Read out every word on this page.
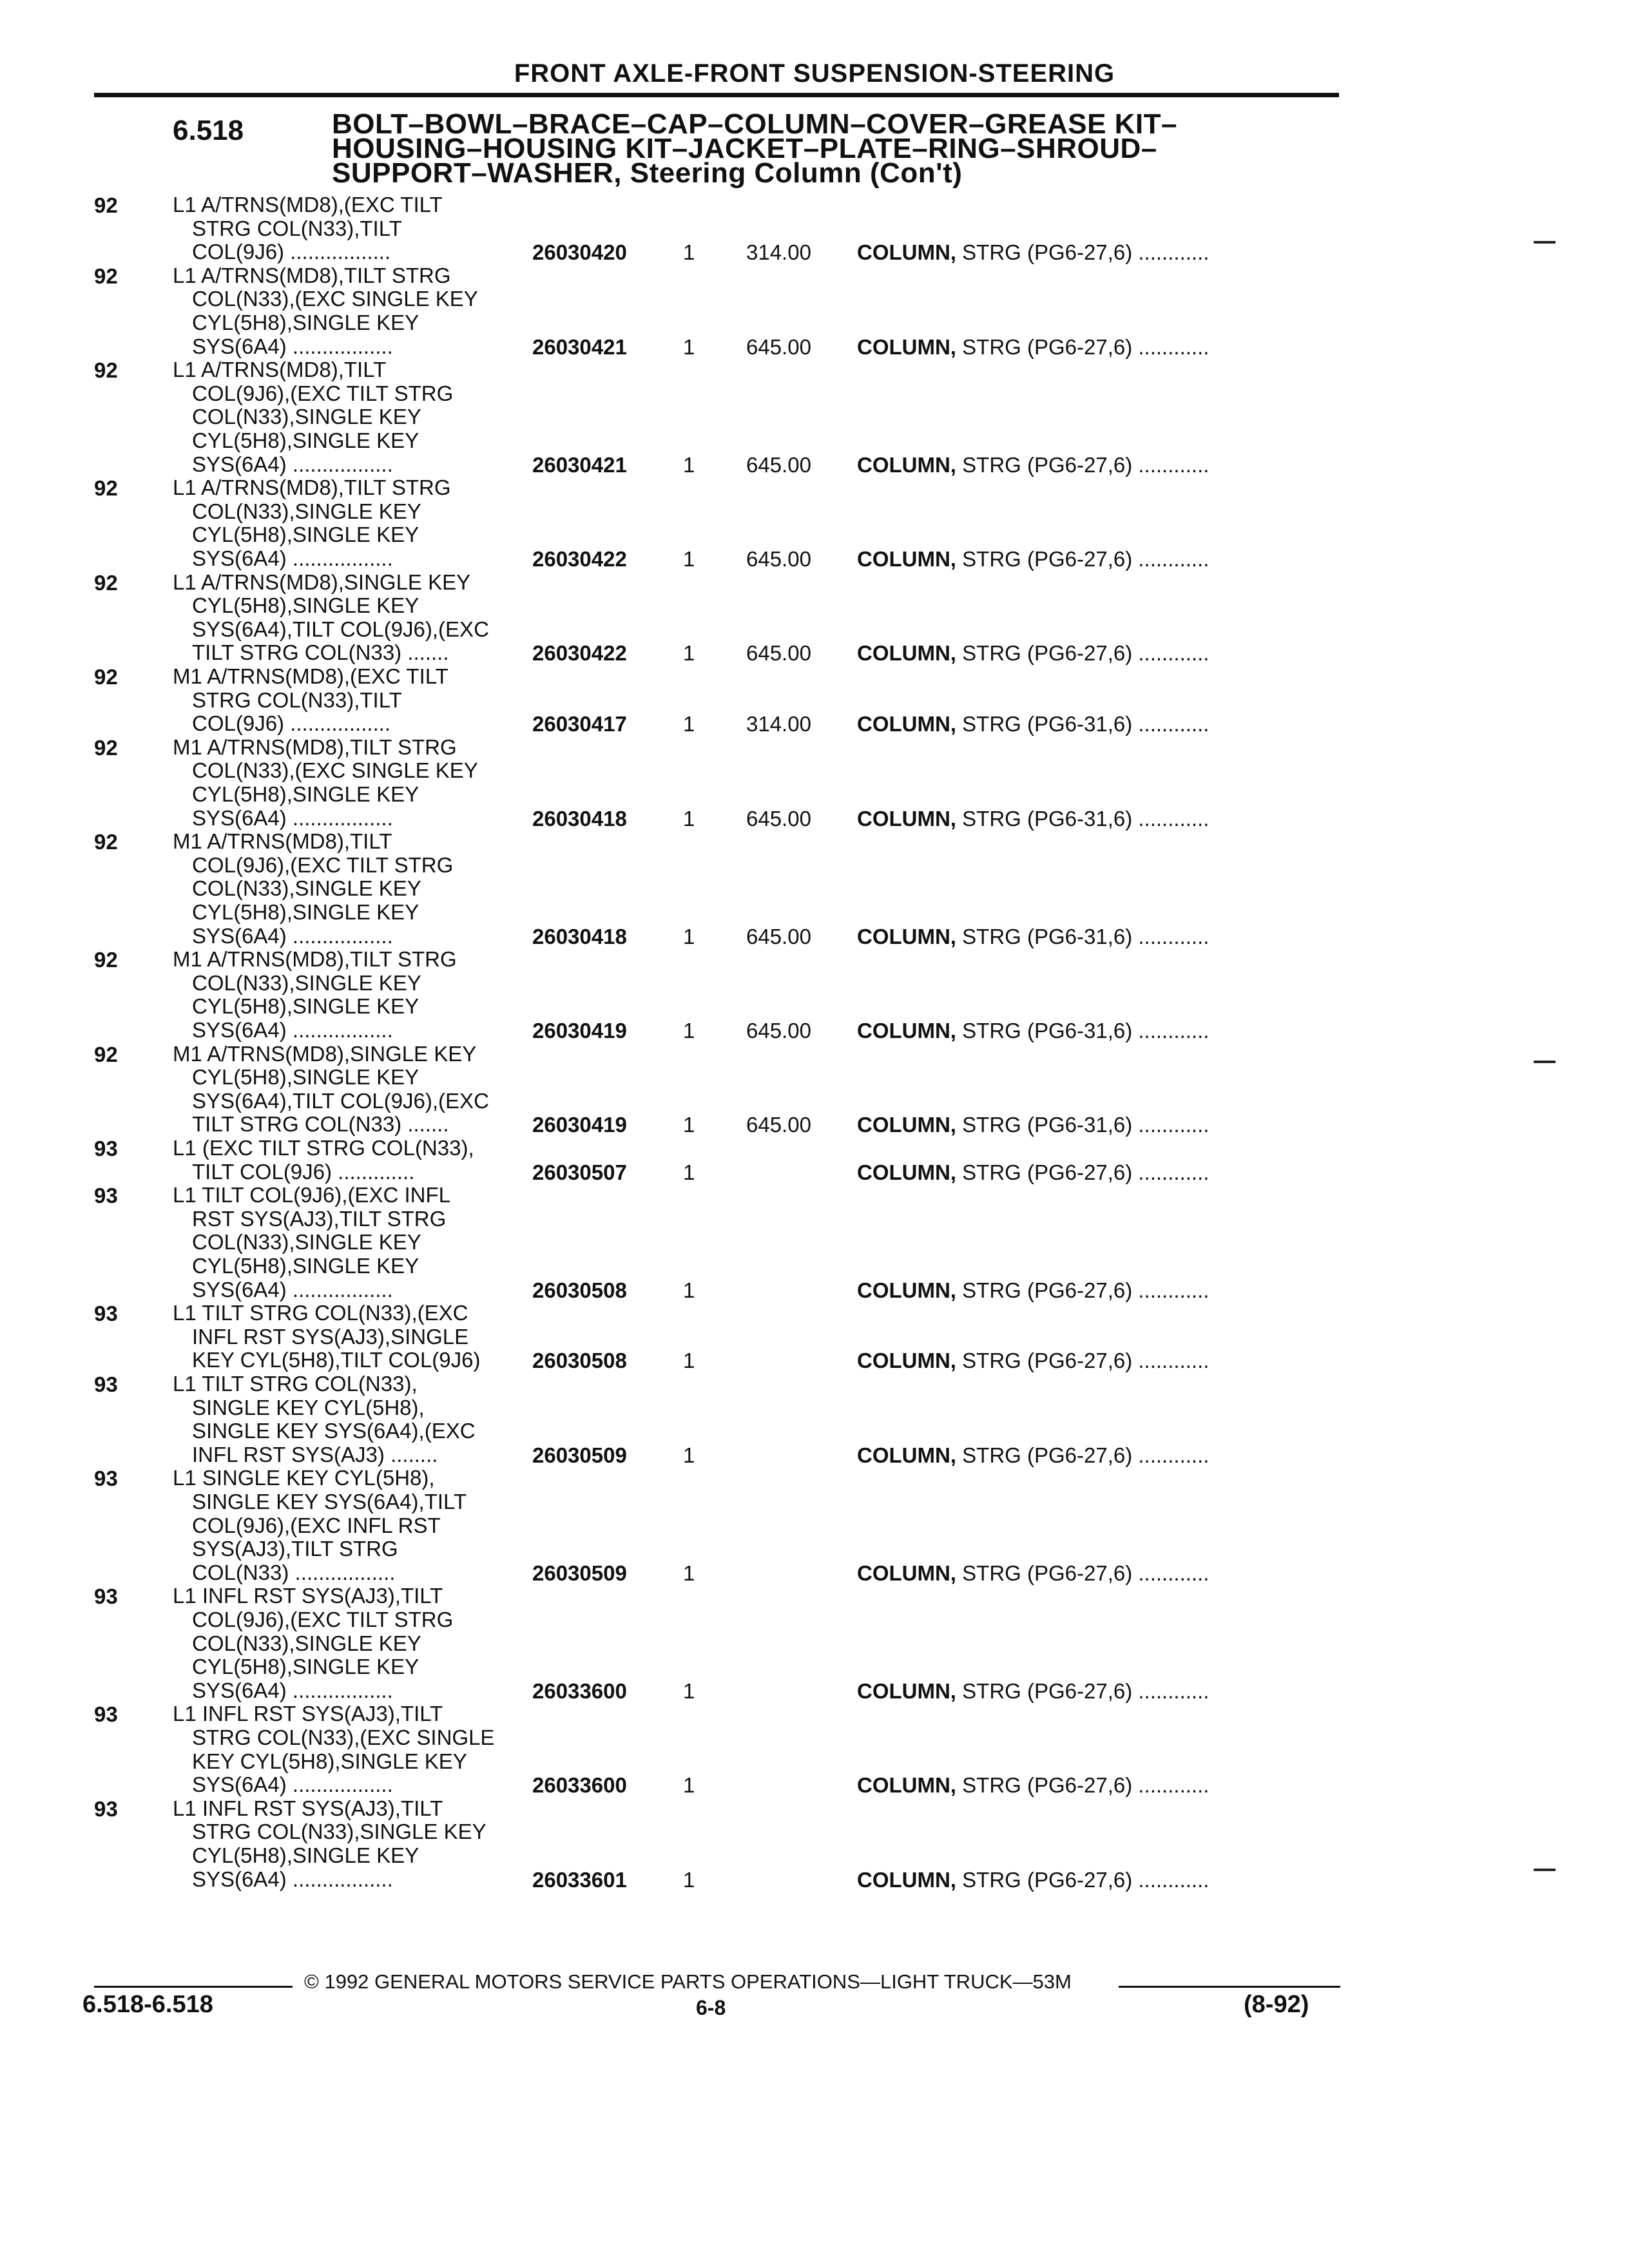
FRONT AXLE-FRONT SUSPENSION-STEERING
6.518	BOLT–BOWL–BRACE–CAP–COLUMN–COVER–GREASE KIT–
HOUSING–HOUSING KIT–JACKET–PLATE–RING–SHROUD–
SUPPORT–WASHER, Steering Column (Con't)
92	L1 A/TRNS(MD8),(EXC TILT
STRG COL(N33),TILT
COL(9J6) .................	26030420	1 314.00 COLUMN, STRG (PG6-27,6) ............
92	L1 A/TRNS(MD8),TILT STRG
COL(N33),(EXC SINGLE KEY
CYL(5H8),SINGLE KEY
SYS(6A4) .................	26030421	1 645.00 COLUMN, STRG (PG6-27,6) ............
92	L1 A/TRNS(MD8),TILT
COL(9J6),(EXC TILT STRG
COL(N33),SINGLE KEY
CYL(5H8),SINGLE KEY
SYS(6A4) .................	26030421	1 645.00 COLUMN, STRG (PG6-27,6) ............
92	L1 A/TRNS(MD8),TILT STRG
COL(N33),SINGLE KEY
CYL(5H8),SINGLE KEY
SYS(6A4) .................	26030422	1 645.00 COLUMN, STRG (PG6-27,6) ............
92	L1 A/TRNS(MD8),SINGLE KEY
CYL(5H8),SINGLE KEY
SYS(6A4),TILT COL(9J6),(EXC
TILT STRG COL(N33) .......	26030422	1 645.00 COLUMN, STRG (PG6-27,6) ............
92	M1 A/TRNS(MD8),(EXC TILT
STRG COL(N33),TILT
COL(9J6) .................	26030417	1 314.00 COLUMN, STRG (PG6-31,6) ............
92	M1 A/TRNS(MD8),TILT STRG
COL(N33),(EXC SINGLE KEY
CYL(5H8),SINGLE KEY
SYS(6A4) .................	26030418	1 645.00 COLUMN, STRG (PG6-31,6) ............
92	M1 A/TRNS(MD8),TILT
COL(9J6),(EXC TILT STRG
COL(N33),SINGLE KEY
CYL(5H8),SINGLE KEY
SYS(6A4) .................	26030418	1 645.00 COLUMN, STRG (PG6-31,6) ............
92	M1 A/TRNS(MD8),TILT STRG
COL(N33),SINGLE KEY
CYL(5H8),SINGLE KEY
SYS(6A4) .................	26030419	1 645.00 COLUMN, STRG (PG6-31,6) ............
92	M1 A/TRNS(MD8),SINGLE KEY
CYL(5H8),SINGLE KEY
SYS(6A4),TILT COL(9J6),(EXC
TILT STRG COL(N33) .......	26030419	1 645.00 COLUMN, STRG (PG6-31,6) ............
93	L1 (EXC TILT STRG COL(N33),
TILT COL(9J6) .............	26030507	1	COLUMN, STRG (PG6-27,6) ............
93	L1 TILT COL(9J6),(EXC INFL
RST SYS(AJ3),TILT STRG
COL(N33),SINGLE KEY
CYL(5H8),SINGLE KEY
SYS(6A4) .................	26030508	1	COLUMN, STRG (PG6-27,6) ............
93	L1 TILT STRG COL(N33),(EXC
INFL RST SYS(AJ3),SINGLE
KEY CYL(5H8),TILT COL(9J6)	26030508	1	COLUMN, STRG (PG6-27,6) ............
93	L1 TILT STRG COL(N33),
SINGLE KEY CYL(5H8),
SINGLE KEY SYS(6A4),(EXC
INFL RST SYS(AJ3) ........	26030509	1	COLUMN, STRG (PG6-27,6) ............
93	L1 SINGLE KEY CYL(5H8),
SINGLE KEY SYS(6A4),TILT
COL(9J6),(EXC INFL RST
SYS(AJ3),TILT STRG
COL(N33) .................	26030509	1	COLUMN, STRG (PG6-27,6) ............
93	L1 INFL RST SYS(AJ3),TILT
COL(9J6),(EXC TILT STRG
COL(N33),SINGLE KEY
CYL(5H8),SINGLE KEY
SYS(6A4) .................	26033600	1	COLUMN, STRG (PG6-27,6) ............
93	L1 INFL RST SYS(AJ3),TILT
STRG COL(N33),(EXC SINGLE
KEY CYL(5H8),SINGLE KEY
SYS(6A4) .................	26033600	1	COLUMN, STRG (PG6-27,6) ............
93	L1 INFL RST SYS(AJ3),TILT
STRG COL(N33),SINGLE KEY
CYL(5H8),SINGLE KEY
SYS(6A4) .................	26033601	1	COLUMN, STRG (PG6-27,6) ............
© 1992 GENERAL MOTORS SERVICE PARTS OPERATIONS—LIGHT TRUCK—53M
6.518-6.518	6-8	(8-92)
